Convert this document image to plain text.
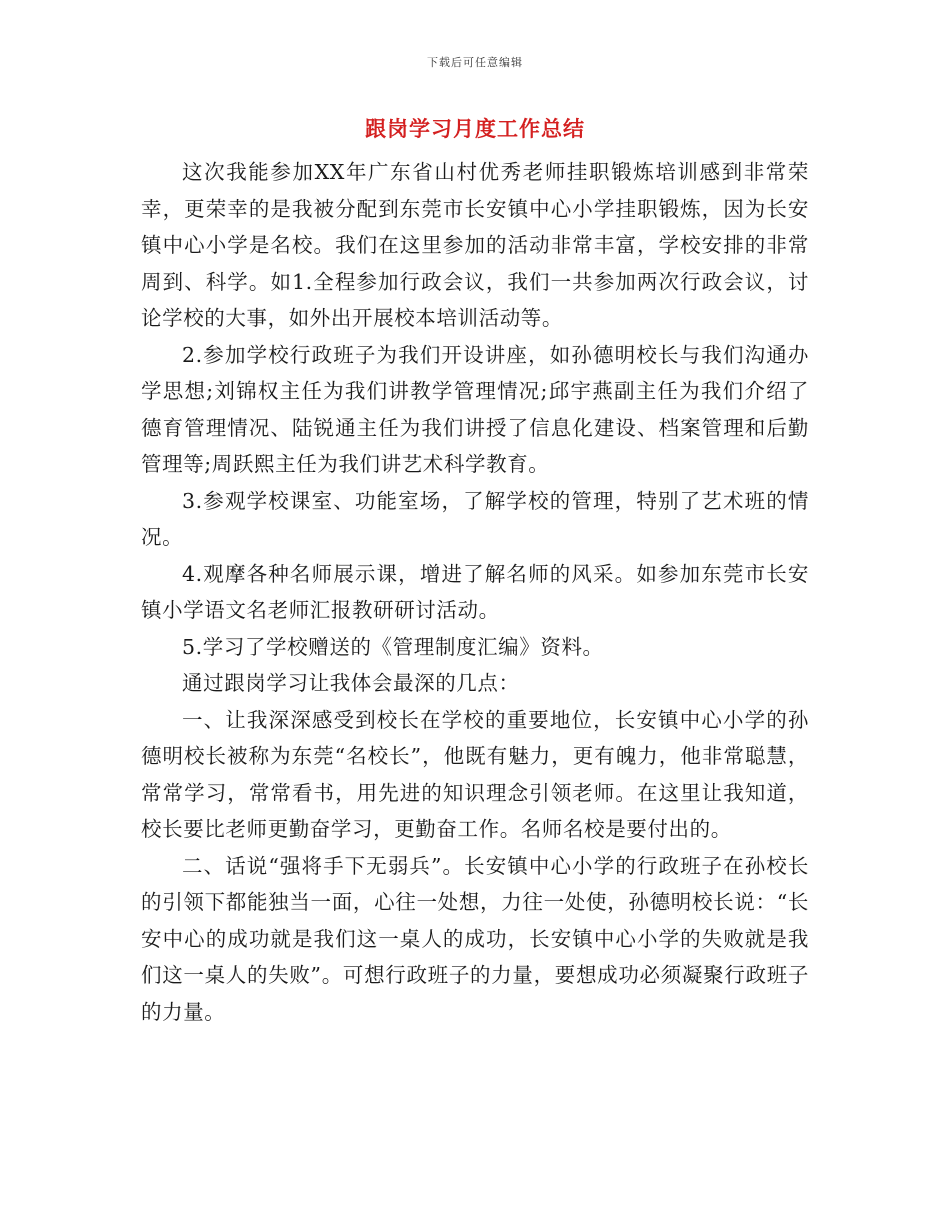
下载后可任意编辑
跟岗学习月度工作总结

这次我能参加XX年广东省山村优秀老师挂职锻炼培训感到非常荣幸，更荣幸的是我被分配到东莞市长安镇中心小学挂职锻炼，因为长安镇中心小学是名校。我们在这里参加的活动非常丰富，学校安排的非常周到、科学。如1.全程参加行政会议，我们一共参加两次行政会议，讨论学校的大事，如外出开展校本培训活动等。

2.参加学校行政班子为我们开设讲座，如孙德明校长与我们沟通办学思想;刘锦权主任为我们讲教学管理情况;邱宇燕副主任为我们介绍了德育管理情况、陆锐通主任为我们讲授了信息化建设、档案管理和后勤管理等;周跃熙主任为我们讲艺术科学教育。

3.参观学校课室、功能室场，了解学校的管理，特别了艺术班的情况。

4.观摩各种名师展示课，增进了解名师的风采。如参加东莞市长安镇小学语文名老师汇报教研研讨活动。

5.学习了学校赠送的《管理制度汇编》资料。

通过跟岗学习让我体会最深的几点：

一、让我深深感受到校长在学校的重要地位，长安镇中心小学的孙德明校长被称为东莞“名校长”，他既有魅力，更有魄力，他非常聪慧，常常学习，常常看书，用先进的知识理念引领老师。在这里让我知道，校长要比老师更勤奋学习，更勤奋工作。名师名校是要付出的。

二、话说“强将手下无弱兵”。长安镇中心小学的行政班子在孙校长的引领下都能独当一面，心往一处想，力往一处使，孙德明校长说：“长安中心的成功就是我们这一桌人的成功，长安镇中心小学的失败就是我们这一桌人的失败”。可想行政班子的力量，要想成功必须凝聚行政班子的力量。
